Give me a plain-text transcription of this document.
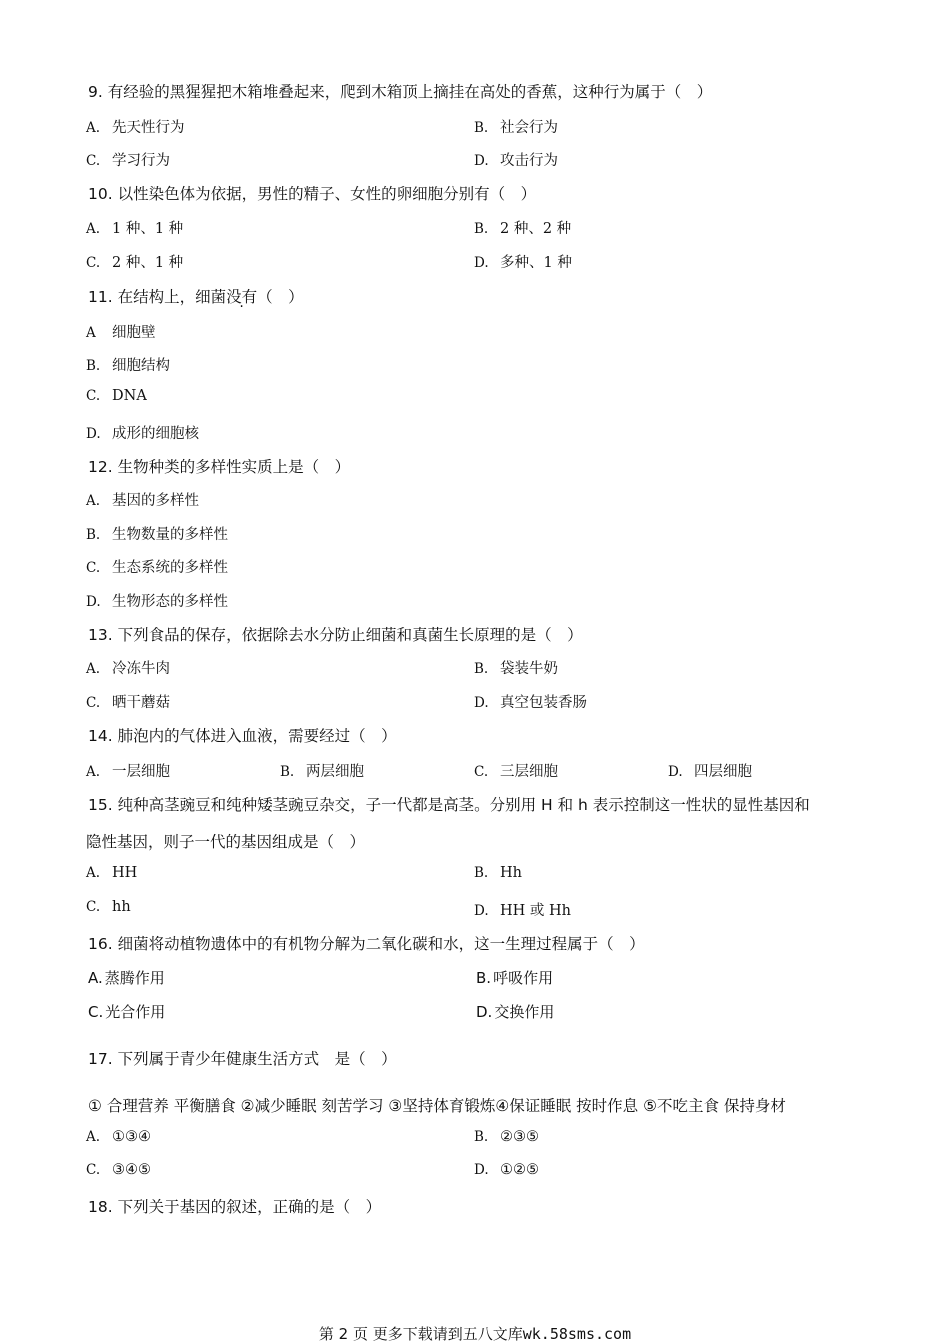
9. 有经验的黑猩猩把木箱堆叠起来，爬到木箱顶上摘挂在高处的香蕉，这种行为属于（　）
A. 先天性行为	B. 社会行为
C. 学习行为	D. 攻击行为
10. 以性染色体为依据，男性的精子、女性的卵细胞分别有（　）
A. 1 种、1 种	B. 2 种、2 种
C. 2 种、1 种	D. 多种、1 种
11. 在结构上，细菌没有（　）
A 细胞壁
B. 细胞结构
C. DNA
D. 成形的细胞核
12. 生物种类的多样性实质上是（　）
A. 基因的多样性
B. 生物数量的多样性
C. 生态系统的多样性
D. 生物形态的多样性
13. 下列食品的保存，依据除去水分防止细菌和真菌生长原理的是（　）
A. 冷冻牛肉	B. 袋装牛奶
C. 晒干蘑菇	D. 真空包装香肠
14. 肺泡内的气体进入血液，需要经过（　）
A. 一层细胞	B. 两层细胞	C. 三层细胞	D. 四层细胞
15. 纯种高茎豌豆和纯种矮茎豌豆杂交，子一代都是高茎。分别用 H 和 h 表示控制这一性状的显性基因和
隐性基因，则子一代的基因组成是（　）
A. HH	B. Hh
C. hh	D. HH 或 Hh
16. 细菌将动植物遗体中的有机物分解为二氧化碳和水，这一生理过程属于（　）
A. 蒸腾作用	B. 呼吸作用
C. 光合作用	D. 交换作用
17. 下列属于青少年健康生活方式　是（　）
① 合理营养 平衡膳食 ②减少睡眠 刻苦学习 ③坚持体育锻炼④保证睡眠 按时作息 ⑤不吃主食 保持身材
A. ①③④	B. ②③⑤
C. ③④⑤	D. ①②⑤
18. 下列关于基因的叙述，正确的是（　）
第 2 页 更多下载请到五八文库wk.58sms.com
